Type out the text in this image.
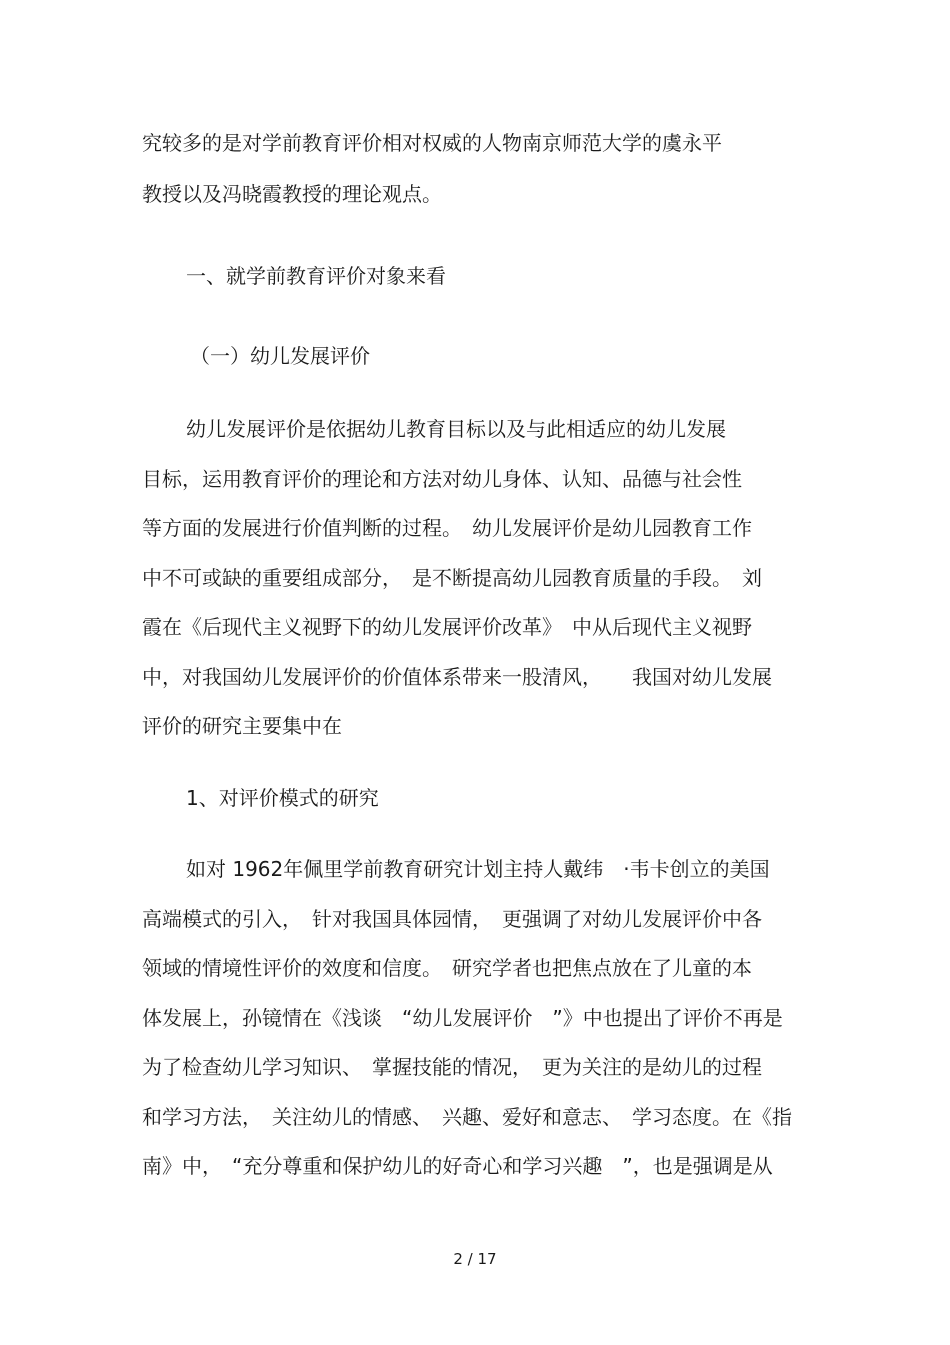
究较多的是对学前教育评价相对权威的人物南京师范大学的虞永平
教授以及冯晓霞教授的理论观点。
一、就学前教育评价对象来看
（一）幼儿发展评价
幼儿发展评价是依据幼儿教育目标以及与此相适应的幼儿发展
目标，运用教育评价的理论和方法对幼儿身体、认知、品德与社会性
等方面的发展进行价值判断的过程。　幼儿发展评价是幼儿园教育工作
中不可或缺的重要组成部分，　是不断提高幼儿园教育质量的手段。　刘
霞在《后现代主义视野下的幼儿发展评价改革》　中从后现代主义视野
中，对我国幼儿发展评价的价值体系带来一股清风，　　我国对幼儿发展
评价的研究主要集中在
1、对评价模式的研究
如对 1962年佩里学前教育研究计划主持人戴纬　·韦卡创立的美国
高端模式的引入，　针对我国具体园情，　更强调了对幼儿发展评价中各
领域的情境性评价的效度和信度。　研究学者也把焦点放在了儿童的本
体发展上，孙镜情在《浅谈　“幼儿发展评价　”》中也提出了评价不再是
为了检查幼儿学习知识、　掌握技能的情况，　更为关注的是幼儿的过程
和学习方法，　关注幼儿的情感、　兴趣、爱好和意志、　学习态度。在《指
南》中，　“充分尊重和保护幼儿的好奇心和学习兴趣　”，也是强调是从
2 / 17
